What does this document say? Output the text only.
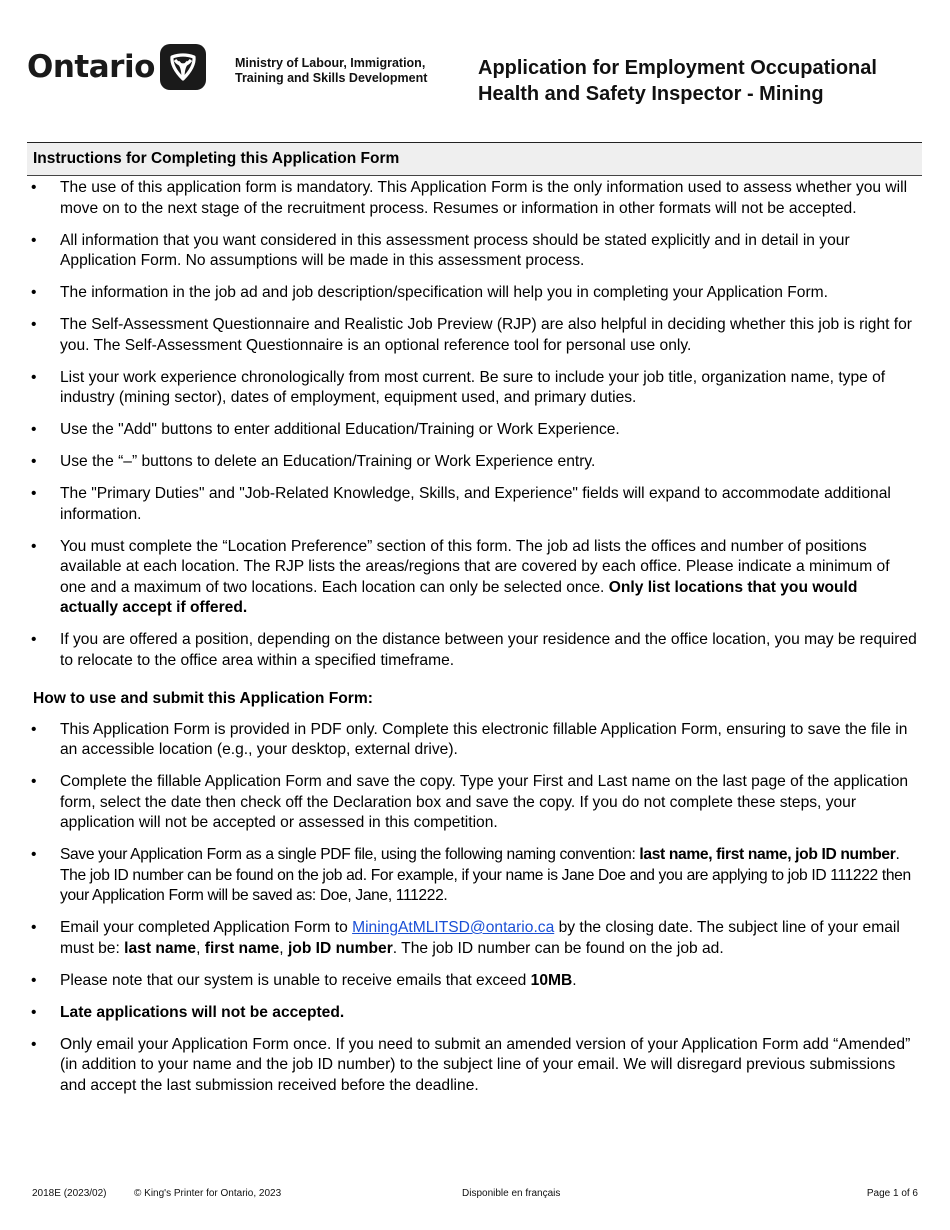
Ontario	Ministry of Labour, Immigration,
Training and Skills Development	Application for Employment Occupational
Health and Safety Inspector - Mining
Instructions for Completing this Application Form
• The use of this application form is mandatory. This Application Form is the only information used to assess whether you will move on to the next stage of the recruitment process. Resumes or information in other formats will not be accepted.
• All information that you want considered in this assessment process should be stated explicitly and in detail in your Application Form. No assumptions will be made in this assessment process.
• The information in the job ad and job description/specification will help you in completing your Application Form.
• The Self-Assessment Questionnaire and Realistic Job Preview (RJP) are also helpful in deciding whether this job is right for you. The Self-Assessment Questionnaire is an optional reference tool for personal use only.
• List your work experience chronologically from most current. Be sure to include your job title, organization name, type of industry (mining sector), dates of employment, equipment used, and primary duties.
• Use the "Add" buttons to enter additional Education/Training or Work Experience.
• Use the “–” buttons to delete an Education/Training or Work Experience entry.
• The "Primary Duties" and "Job-Related Knowledge, Skills, and Experience" fields will expand to accommodate additional information.
• You must complete the “Location Preference” section of this form. The job ad lists the offices and number of positions available at each location. The RJP lists the areas/regions that are covered by each office. Please indicate a minimum of one and a maximum of two locations. Each location can only be selected once. Only list locations that you would actually accept if offered.
• If you are offered a position, depending on the distance between your residence and the office location, you may be required to relocate to the office area within a specified timeframe.
How to use and submit this Application Form:
• This Application Form is provided in PDF only. Complete this electronic fillable Application Form, ensuring to save the file in an accessible location (e.g., your desktop, external drive).
• Complete the fillable Application Form and save the copy. Type your First and Last name on the last page of the application form, select the date then check off the Declaration box and save the copy. If you do not complete these steps, your application will not be accepted or assessed in this competition.
• Save your Application Form as a single PDF file, using the following naming convention: last name, first name, job ID number. The job ID number can be found on the job ad. For example, if your name is Jane Doe and you are applying to job ID 111222 then your Application Form will be saved as: Doe, Jane, 111222.
• Email your completed Application Form to MiningAtMLITSD@ontario.ca by the closing date. The subject line of your email must be: last name, first name, job ID number. The job ID number can be found on the job ad.
• Please note that our system is unable to receive emails that exceed 10MB.
• Late applications will not be accepted.
• Only email your Application Form once. If you need to submit an amended version of your Application Form add “Amended” (in addition to your name and the job ID number) to the subject line of your email. We will disregard previous submissions and accept the last submission received before the deadline.
2018E (2023/02)	© King's Printer for Ontario, 2023	Disponible en français	Page 1 of 6
